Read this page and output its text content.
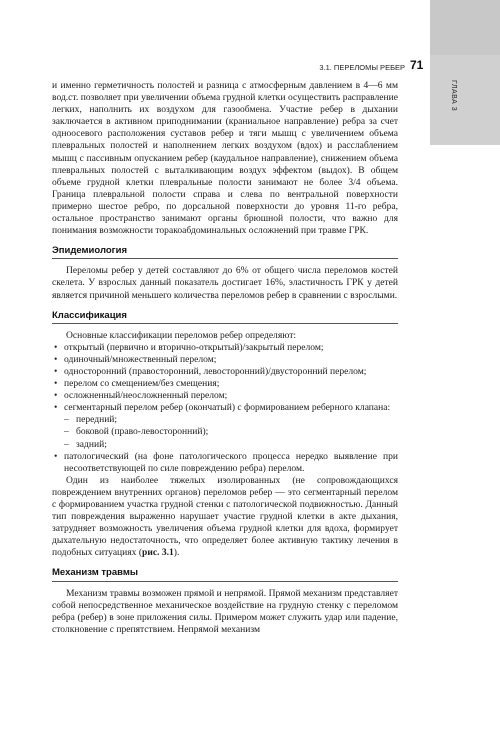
ГЛАВА 3
3.1. ПЕРЕЛОМЫ РЕБЕР 71

и именно герметичность полостей и разница с атмосферным давлением в 4—6 мм вод.ст. позволяет при увеличении объема грудной клетки осуществить расправление легких, наполнить их воздухом для газообмена. Участие ребер в дыхании заключается в активном приподнимании (краниальное направление) ребра за счет одноосевого расположения суставов ребер и тяги мышц с увеличением объема плевральных полостей и наполнением легких воздухом (вдох) и расслаблением мышц с пассивным опусканием ребер (каудальное направление), снижением объема плевральных полостей с выталкивающим воздух эффектом (выдох). В общем объеме грудной клетки плевральные полости занимают не более 3/4 объема. Граница плевральной полости справа и слева по вентральной поверхности примерно шестое ребро, по дорсальной поверхности до уровня 11-го ребра, остальное пространство занимают органы брюшной полости, что важно для понимания возможности торакоабдоминальных осложнений при травме ГРК.

Эпидемиология

Переломы ребер у детей составляют до 6% от общего числа переломов костей скелета. У взрослых данный показатель достигает 16%, эластичность ГРК у детей является причиной меньшего количества переломов ребер в сравнении с взрослыми.

Классификация

Основные классификации переломов ребер определяют:

• открытый (первично и вторично-открытый)/закрытый перелом;
• одиночный/множественный перелом;
• односторонний (правосторонний, левосторонний)/двусторонний перелом;
• перелом со смещением/без смещения;
• осложненный/неосложненный перелом;
• сегментарный перелом ребер (окончатый) с формированием реберного клапана:
– передний;
– боковой (право-левосторонний);
– задний;
• патологический (на фоне патологического процесса нередко выявление при несоответствующей по силе повреждению ребра) перелом.

Один из наиболее тяжелых изолированных (не сопровождающихся повреждением внутренних органов) переломов ребер — это сегментарный перелом с формированием участка грудной стенки с патологической подвижностью. Данный тип повреждения выраженно нарушает участие грудной клетки в акте дыхания, затрудняет возможность увеличения объема грудной клетки для вдоха, формирует дыхательную недостаточность, что определяет более активную тактику лечения в подобных ситуациях (рис. 3.1).

Механизм травмы

Механизм травмы возможен прямой и непрямой. Прямой механизм представляет собой непосредственное механическое воздействие на грудную стенку с переломом ребра (ребер) в зоне приложения силы. Примером может служить удар или падение, столкновение с препятствием. Непрямой механизм
